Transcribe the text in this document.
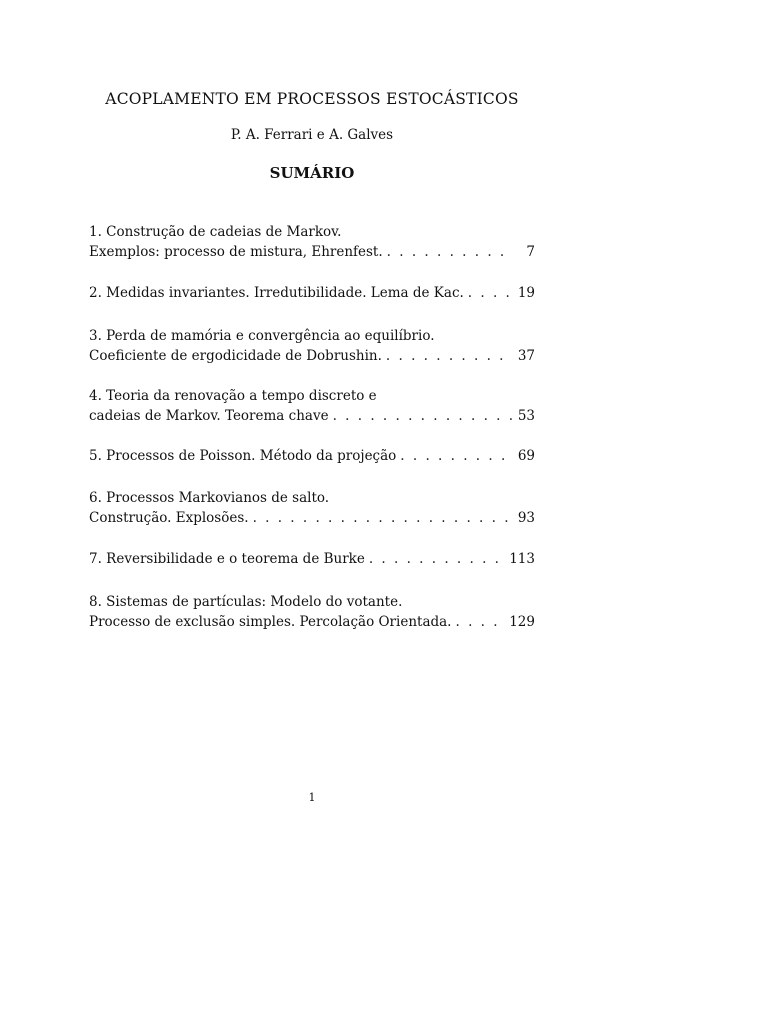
ACOPLAMENTO EM PROCESSOS ESTOCÁSTICOS
P. A. Ferrari e A. Galves
SUMÁRIO
1. Construção de cadeias de Markov.
Exemplos: processo de mistura, Ehrenfest. . . .	7
2. Medidas invariantes. Irredutibilidade. Lema de Kac. . . .	19
3. Perda de mamória e convergência ao equilíbrio.
Coeficiente de ergodicidade de Dobrushin. . . .	37
4. Teoria da renovação a tempo discreto e
cadeias de Markov. Teorema chave . . .	53
5. Processos de Poisson. Método da projeção . . .	69
6. Processos Markovianos de salto.
Construção. Explosões. . . .	93
7. Reversibilidade e o teorema de Burke . . .	113
8. Sistemas de partículas: Modelo do votante.
Processo de exclusão simples. Percolação Orientada. . . .	129
1
